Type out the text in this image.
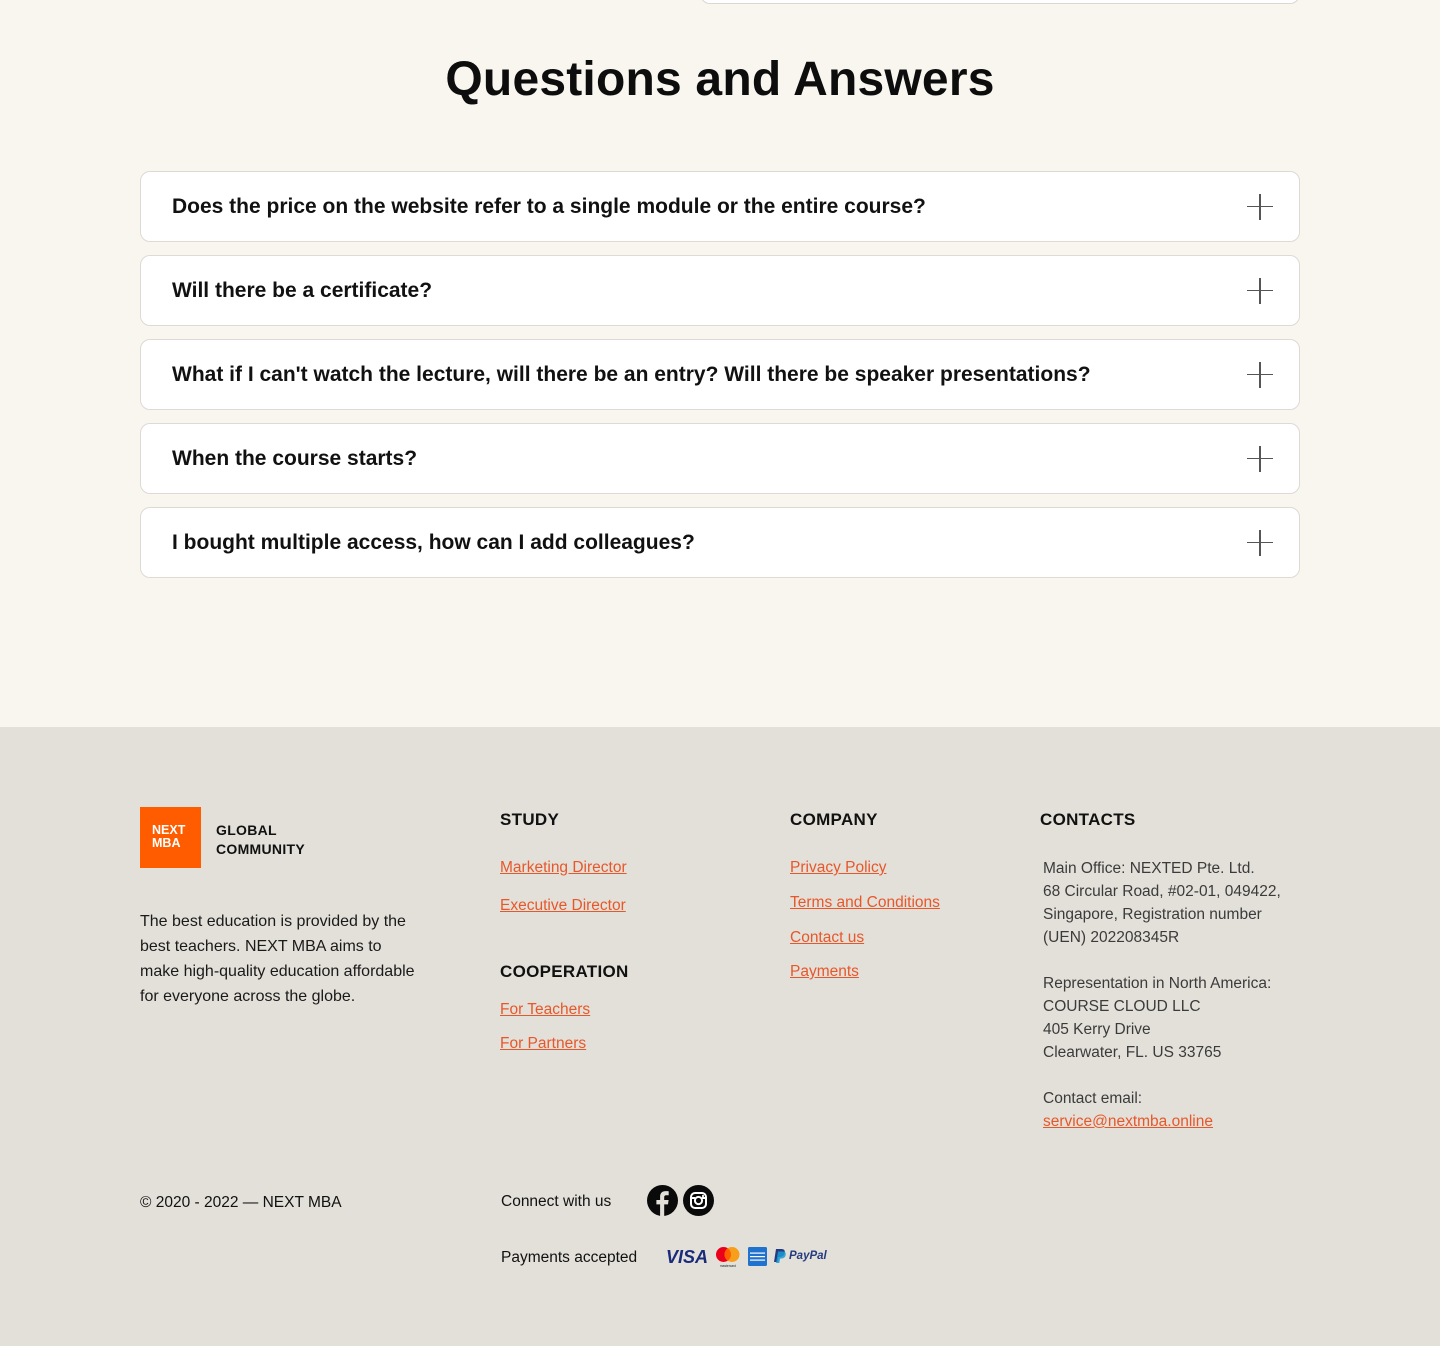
Questions and Answers
Does the price on the website refer to a single module or the entire course?
Will there be a certificate?
What if I can't watch the lecture, will there be an entry? Will there be speaker presentations?
When the course starts?
I bought multiple access, how can I add colleagues?
NEXT
MBA
GLOBAL
COMMUNITY

The best education is provided by the best teachers. NEXT MBA aims to make high-quality education affordable for everyone across the globe.

STUDY
Marketing Director
Executive Director
COOPERATION
For Teachers
For Partners
COMPANY
Privacy Policy
Terms and Conditions
Contact us
Payments
CONTACTS

Main Office: NEXTED Pte. Ltd.

68 Circular Road, #02-01, 049422,

Singapore, Registration number

(UEN) 202208345R

Representation in North America:

COURSE CLOUD LLC

405 Kerry Drive

Clearwater, FL. US 33765

Contact email:

service@nextmba.online

© 2020 - 2022 — NEXT MBA	Connect with us
Payments accepted VISA	mastercard
PayPal
